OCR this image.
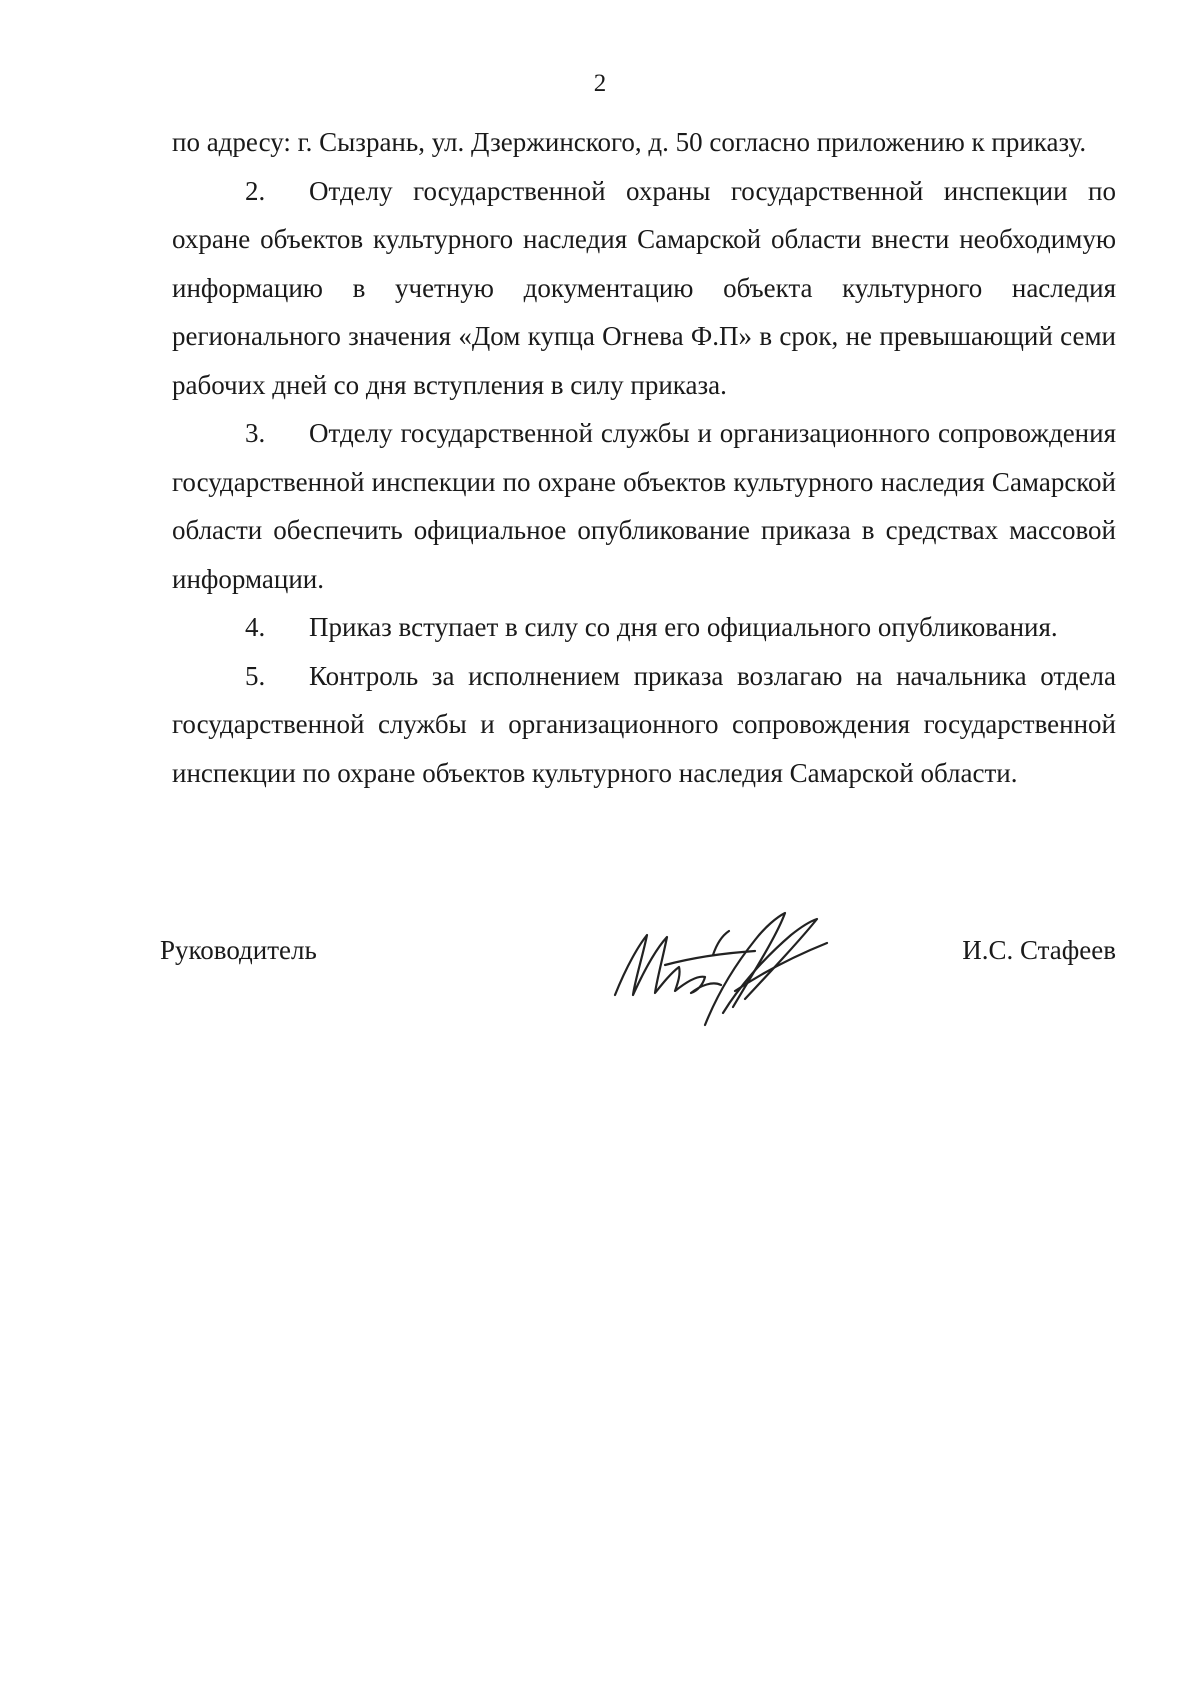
2

по адресу: г. Сызрань, ул. Дзержинского, д. 50 согласно приложению к приказу.

2. Отделу государственной охраны государственной инспекции по охране объектов культурного наследия Самарской области внести необходимую информацию в учетную документацию объекта культурного наследия регионального значения «Дом купца Огнева Ф.П» в срок, не превышающий семи рабочих дней со дня вступления в силу приказа.

3. Отделу государственной службы и организационного сопровождения государственной инспекции по охране объектов культурного наследия Самарской области обеспечить официальное опубликование приказа в средствах массовой информации.

4. Приказ вступает в силу со дня его официального опубликования.

5. Контроль за исполнением приказа возлагаю на начальника отдела государственной службы и организационного сопровождения государственной инспекции по охране объектов культурного наследия Самарской области.

Руководитель	И.С. Стафеев
